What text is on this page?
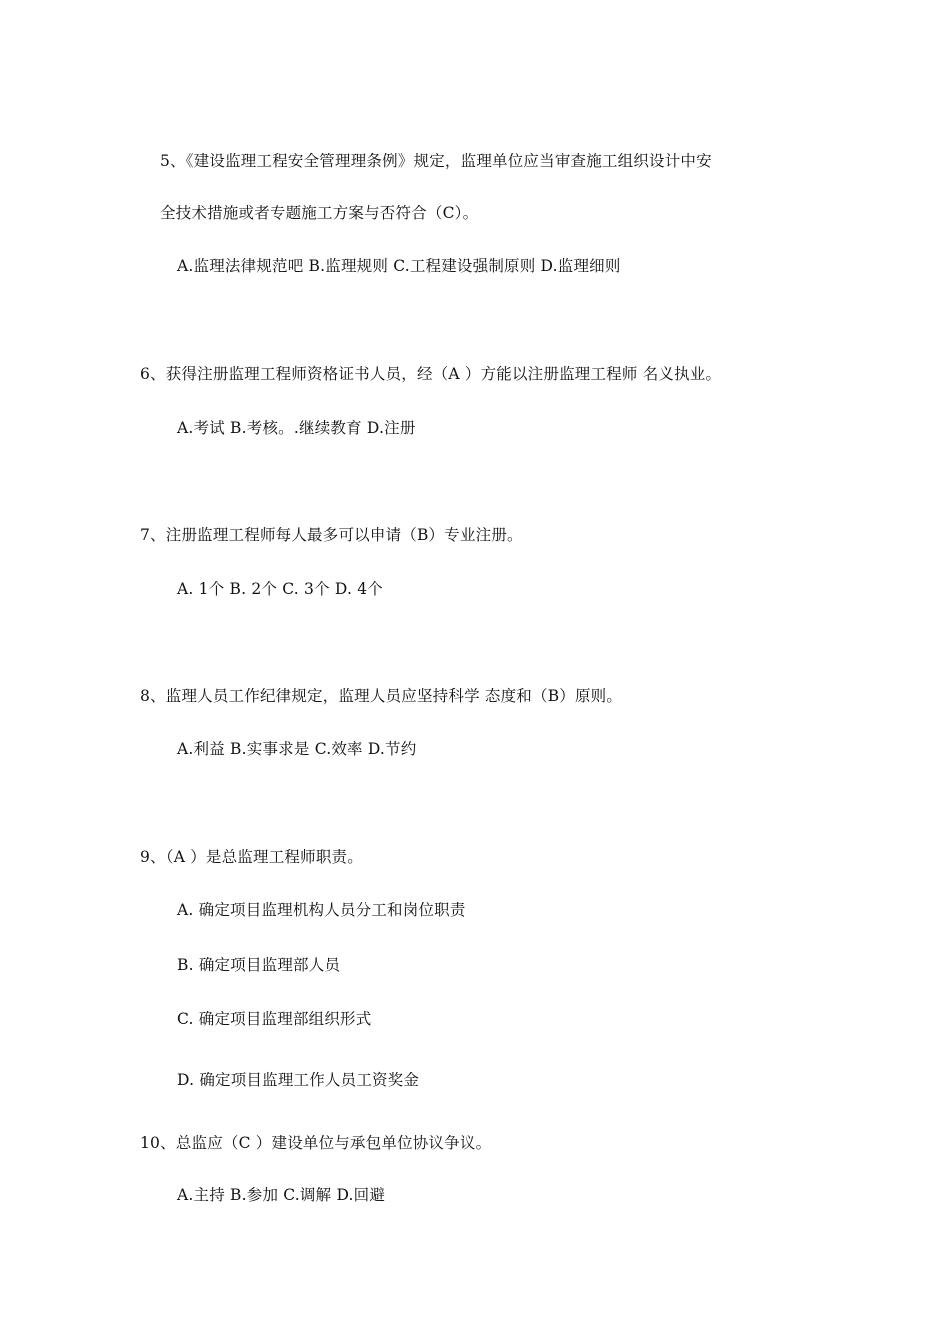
5、《建设监理工程安全管理理条例》规定，监理单位应当审查施工组织设计中安
全技术措施或者专题施工方案与否符合（C）。
A.监理法律规范吧 B.监理规则 C.工程建设强制原则 D.监理细则
6、获得注册监理工程师资格证书人员，经（A ）方能以注册监理工程师 名义执业。
A.考试 B.考核。.继续教育 D.注册
7、注册监理工程师每人最多可以申请（B）专业注册。
A. 1个 B. 2个 C. 3个 D. 4个
8、监理人员工作纪律规定，监理人员应坚持科学 态度和（B）原则。
A.利益 B.实事求是 C.效率 D.节约
9、（A ）是总监理工程师职责。
A. 确定项目监理机构人员分工和岗位职责
B. 确定项目监理部人员
C. 确定项目监理部组织形式
D. 确定项目监理工作人员工资奖金
10、总监应（C ）建设单位与承包单位协议争议。
A.主持 B.参加 C.调解 D.回避
